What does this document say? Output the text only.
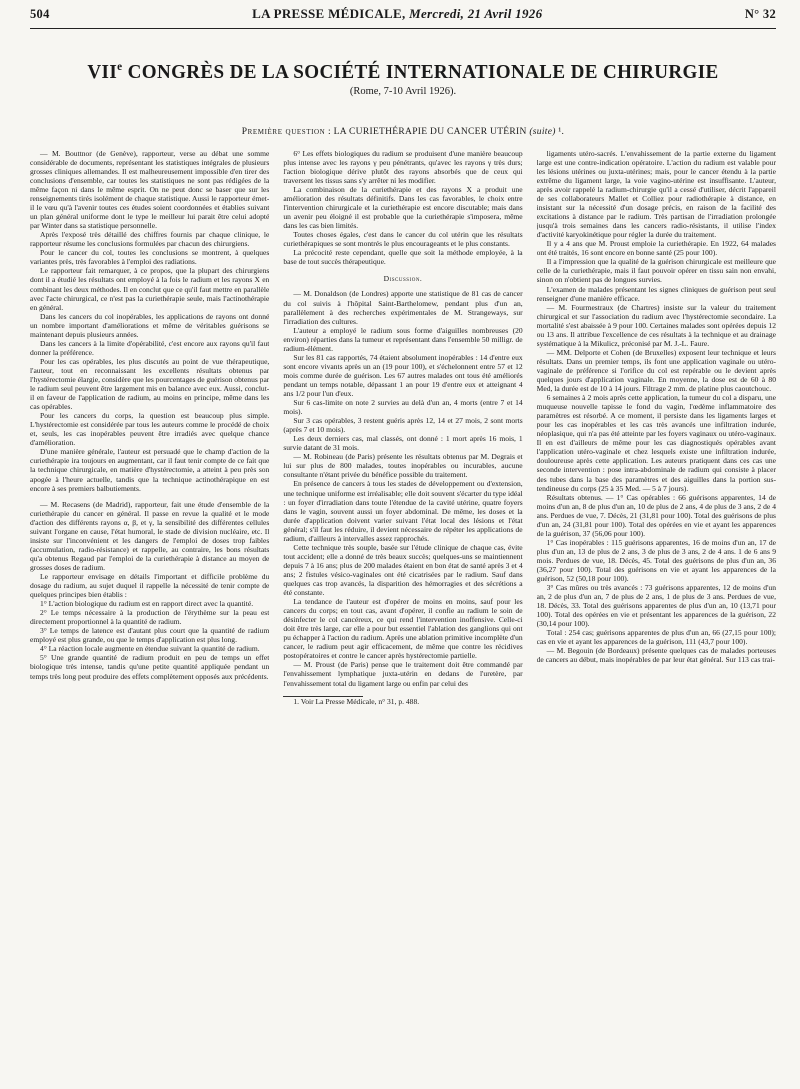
504	LA PRESSE MÉDICALE, Mercredi, 21 Avril 1926	N° 32
VIIe CONGRÈS DE LA SOCIÉTÉ INTERNATIONALE DE CHIRURGIE
(Rome, 7-10 Avril 1926).
Première question : LA CURIETHÉRAPIE DU CANCER UTÉRIN (suite) ¹.

— M. Bouttnor (de Genève), rapporteur, verse au débat une somme considérable de documents, représentant les statistiques intégrales de plusieurs grosses cliniques allemandes. Il est malheureusement impossible d'en tirer des conclusions d'ensemble, car toutes les statistiques ne sont pas rédigées de la même façon ni dans le même esprit. On ne peut donc se baser que sur les renseignements tirés isolément de chaque statistique. Aussi le rapporteur émet-il le vœu qu'à l'avenir toutes ces études soient coordonnées et établies suivant un plan général uniforme dont le type le meilleur lui parait être celui adopté par Winter dans sa statistique personnelle.

Après l'exposé très détaillé des chiffres fournis par chaque clinique, le rapporteur résume les conclusions formulées par chacun des chirurgiens.

Pour le cancer du col, toutes les conclusions se montrent, à quelques variantes près, très favorables à l'emploi des radiations.

Le rapporteur fait remarquer, à ce propos, que la plupart des chirurgiens dont il a étudié les résultats ont employé à la fois le radium et les rayons X en combinant les deux méthodes. Il en conclut que ce qu'il faut mettre en parallèle avec l'acte chirurgical, ce n'est pas la curiethérapie seule, mais l'actinothérapie en général.

Dans les cancers du col inopérables, les applications de rayons ont donné un nombre important d'améliorations et même de véritables guérisons se maintenant depuis plusieurs années.

Dans les cancers à la limite d'opérabilité, c'est encore aux rayons qu'il faut donner la préférence.

Pour les cas opérables, les plus discutés au point de vue thérapeutique, l'auteur, tout en reconnaissant les excellents résultats obtenus par l'hystérectomie élargie, considère que les pourcentages de guérison obtenus par le radium seul peuvent être largement mis en balance avec eux. Aussi, conclut-il en faveur de l'application de radium, au moins en principe, même dans les cas opérables.

Pour les cancers du corps, la question est beaucoup plus simple. L'hystérectomie est considérée par tous les auteurs comme le procédé de choix et, seuls, les cas inopérables peuvent être irradiés avec quelque chance d'amélioration.

D'une manière générale, l'auteur est persuadé que le champ d'action de la curiethérapie ira toujours en augmentant, car il faut tenir compte de ce fait que la technique chirurgicale, en matière d'hystérectomie, a atteint à peu près son apogée à l'heure actuelle, tandis que la technique actinothérapique en est encore à ses premiers balbutiements.

— M. Recasens (de Madrid), rapporteur, fait une étude d'ensemble de la curiethérapie du cancer en général. Il passe en revue la qualité et le mode d'action des différents rayons α, β, et γ, la sensibilité des différentes cellules suivant l'organe en cause, l'état humoral, le stade de division nucléaire, etc. Il insiste sur l'inconvénient et les dangers de l'emploi de doses trop faibles (accumulation, radio-résistance) et rappelle, au contraire, les bons résultats qu'a obtenus Regaud par l'emploi de la curiethérapie à distance au moyen de grosses doses de radium.

Le rapporteur envisage en détails l'important et difficile problème du dosage du radium, au sujet duquel il rappelle la nécessité de tenir compte de quelques principes bien établis :

1° L'action biologique du radium est en rapport direct avec la quantité.

2° Le temps nécessaire à la production de l'érythème sur la peau est directement proportionnel à la quantité de radium.

3° Le temps de latence est d'autant plus court que la quantité de radium employé est plus grande, ou que le temps d'application est plus long.

4° La réaction locale augmente en étendue suivant la quantité de radium.

5° Une grande quantité de radium produit en peu de temps un effet biologique très intense, tandis qu'une petite quantité appliquée pendant un temps très long peut produire des effets complètement opposés aux précédents.

6° Les effets biologiques du radium se produisent d'une manière beaucoup plus intense avec les rayons γ peu pénétrants, qu'avec les rayons γ très durs; l'action biologique dérive plutôt des rayons absorbés que de ceux qui traversent les tissus sans s'y arrêter ni les modifier.

La combinaison de la curiethérapie et des rayons X a produit une amélioration des résultats définitifs. Dans les cas favorables, le choix entre l'intervention chirurgicale et la curiethérapie est encore discutable; mais dans un avenir peu éloigné il est probable que la curiethérapie s'imposera, même dans les cas bien limités.

Toutes choses égales, c'est dans le cancer du col utérin que les résultats curiethérapiques se sont montrés le plus encourageants et le plus constants.

La précocité reste cependant, quelle que soit la méthode employée, à la base de tout succès thérapeutique.

Discussion.

— M. Donaldson (de Londres) apporte une statistique de 81 cas de cancer du col suivis à l'hôpital Saint-Barthelomew, pendant plus d'un an, parallèlement à des recherches expérimentales de M. Strangeways, sur l'irradiation des cultures.

L'auteur a employé le radium sous forme d'aiguilles nombreuses (20 environ) réparties dans la tumeur et représentant dans l'ensemble 50 milligr. de radium-élément.

Sur les 81 cas rapportés, 74 étaient absolument inopérables : 14 d'entre eux sont encore vivants après un an (19 pour 100), et s'échelonnent entre 57 et 12 mois comme durée de guérison. Les 67 autres malades ont tous été améliorés pendant un temps notable, dépassant 1 an pour 19 d'entre eux et atteignant 4 ans 1/2 pour l'un d'eux.

Sur 6 cas-limite on note 2 survies au delà d'un an, 4 morts (entre 7 et 14 mois).

Sur 3 cas opérables, 3 restent guéris après 12, 14 et 27 mois, 2 sont morts (après 7 et 10 mois).

Les deux derniers cas, mal classés, ont donné : 1 mort après 16 mois, 1 survie datant de 31 mois.

— M. Robineau (de Paris) présente les résultats obtenus par M. Degrais et lui sur plus de 800 malades, toutes inopérables ou incurables, aucune consultante n'étant privée du bénéfice possible du traitement.

En présence de cancers à tous les stades de développement ou d'extension, une technique uniforme est irréalisable; elle doit souvent s'écarter du type idéal : un foyer d'irradiation dans toute l'étendue de la cavité utérine, quatre foyers dans le vagin, souvent aussi un foyer abdominal. De même, les doses et la durée d'application doivent varier suivant l'état local des lésions et l'état général; s'il faut les réduire, il devient nécessaire de répéter les applications de radium, d'ailleurs à intervalles assez rapprochés.

Cette technique très souple, basée sur l'étude clinique de chaque cas, évite tout accident; elle a donné de très beaux succès; quelques-uns se maintiennent depuis 7 à 16 ans; plus de 200 malades étaient en bon état de santé après 3 et 4 ans; 2 fistules vésico-vaginales ont été cicatrisées par le radium. Sauf dans quelques cas trop avancés, la disparition des hémorragies et des sécrétions a été constante.

La tendance de l'auteur est d'opérer de moins en moins, sauf pour les cancers du corps; en tout cas, avant d'opérer, il confie au radium le soin de désinfecter le col cancéreux, ce qui rend l'intervention inoffensive. Celle-ci doit être très large, car elle a pour but essentiel l'ablation des ganglions qui ont pu échapper à l'action du radium. Après une ablation primitive incomplète d'un cancer, le radium peut agir efficacement, de même que contre les récidives postopératoires et contre le cancer après hystérectomie partielle.

— M. Proust (de Paris) pense que le traitement doit être commandé par l'envahissement lymphatique juxta-utérin en dedans de l'uretère, par l'envahissement total du ligament large ou enfin par celui des

1. Voir La Presse Médicale, n° 31, p. 488.

ligaments utéro-sacrés. L'envahissement de la partie externe du ligament large est une contre-indication opératoire. L'action du radium est valable pour les lésions utérines ou juxta-utérines; mais, pour le cancer étendu à la partie extrême du ligament large, la voie vagino-utérine est insuffisante. L'auteur, après avoir rappelé la radium-chirurgie qu'il a cessé d'utiliser, décrit l'appareil de ses collaborateurs Mallet et Colliez pour radiothérapie à distance, en insistant sur la nécessité d'un dosage précis, en raison de la facilité des excitations à distance par le radium. Très partisan de l'irradiation prolongée jusqu'à trois semaines dans les cancers radio-résistants, il utilise l'index d'activité karyokinétique pour régler la durée du traitement.

Il y a 4 ans que M. Proust emploie la curiethérapie. En 1922, 64 malades ont été traités, 16 sont encore en bonne santé (25 pour 100).

Il a l'impression que la qualité de la guérison chirurgicale est meilleure que celle de la curiethérapie, mais il faut pouvoir opérer en tissu sain non envahi, sinon on n'obtient pas de longues survies.

L'examen de malades présentant les signes cliniques de guérison peut seul renseigner d'une manière efficace.

— M. Fourmestraux (de Chartres) insiste sur la valeur du traitement chirurgical et sur l'association du radium avec l'hystérectomie secondaire. La mortalité s'est abaissée à 9 pour 100. Certaines malades sont opérées depuis 12 ou 13 ans. Il attribue l'excellence de ces résultats à la technique et au drainage systématique à la Mikulicz, préconisé par M. J.-L. Faure.

— MM. Delporte et Cohen (de Bruxelles) exposent leur technique et leurs résultats. Dans un premier temps, ils font une application vaginale ou utéro-vaginale de préférence si l'orifice du col est repérable ou le devient après quelques jours d'application vaginale. En moyenne, la dose est de 60 à 80 Med, la durée est de 10 à 14 jours. Filtrage 2 mm. de platine plus caoutchouc.

6 semaines à 2 mois après cette application, la tumeur du col a disparu, une muqueuse nouvelle tapisse le fond du vagin, l'œdème inflammatoire des paramètres est résorbé. A ce moment, il persiste dans les ligaments larges et pour les cas inopérables et les cas très avancés une infiltration indurée, néoplasique, qui n'a pas été atteinte par les foyers vaginaux ou utéro-vaginaux. Il en est d'ailleurs de même pour les cas diagnostiqués opérables avant l'application utéro-vaginale et chez lesquels existe une infiltration indurée, douloureuse après cette application. Les auteurs pratiquent dans ces cas une seconde intervention : pose intra-abdominale de radium qui consiste à placer des tubes dans la base des paramètres et des aiguilles dans la portion sus-tendineuse du corps (25 à 35 Med. — 5 à 7 jours).

Résultats obtenus. — 1° Cas opérables : 66 guérisons apparentes, 14 de moins d'un an, 8 de plus d'un an, 10 de plus de 2 ans, 4 de plus de 3 ans, 2 de 4 ans. Perdues de vue, 7. Décès, 21 (31,81 pour 100). Total des guérisons de plus d'un an, 24 (31,81 pour 100). Total des opérées en vie et ayant les apparences de la guérison, 37 (56,06 pour 100).

1° Cas inopérables : 115 guérisons apparentes, 16 de moins d'un an, 17 de plus d'un an, 13 de plus de 2 ans, 3 de plus de 3 ans, 2 de 4 ans. 1 de 6 ans 9 mois. Perdues de vue, 18. Décès, 45. Total des guérisons de plus d'un an, 36 (36,27 pour 100). Total des guérisons en vie et ayant les apparences de la guérison, 52 (50,18 pour 100).

3° Cas mûres ou très avancés : 73 guérisons apparentes, 12 de moins d'un an, 2 de plus d'un an, 7 de plus de 2 ans, 1 de plus de 3 ans. Perdues de vue, 18. Décès, 33. Total des guérisons apparentes de plus d'un an, 10 (13,71 pour 100). Total des opérées en vie et présentant les apparences de la guérison, 22 (30,14 pour 100).

Total : 254 cas; guérisons apparentes de plus d'un an, 66 (27,15 pour 100); cas en vie et ayant les apparences de la guérison, 111 (43,7 pour 100).

— M. Begouin (de Bordeaux) présente quelques cas de malades porteuses de cancers au début, mais inopérables de par leur état général. Sur 113 cas trai-
